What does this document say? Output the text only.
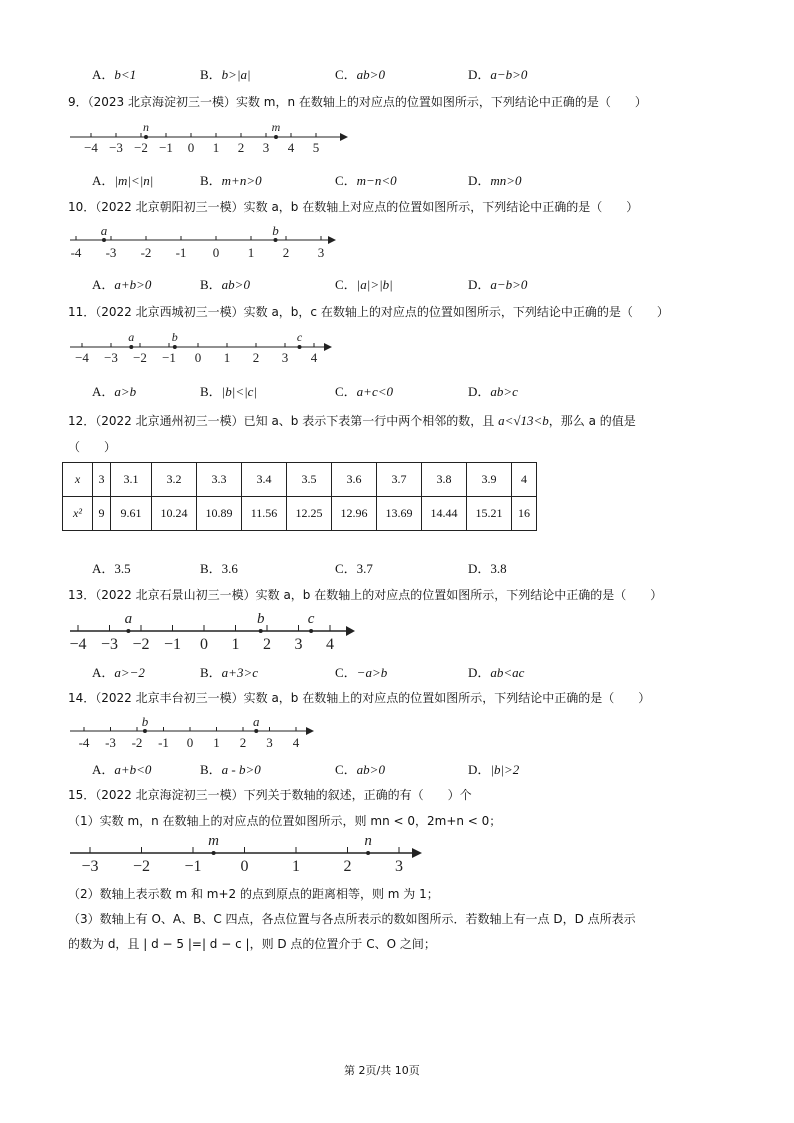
A．b<1	B．b>|a|	C．ab>0	D．a−b>0
9．（2023 北京海淀初三一模）实数 m，n 在数轴上的对应点的位置如图所示，下列结论中正确的是（　　）
−4 −3 −2 −1 0 1 2 3 4 5
n	m
A．|m|<|n|	B．m+n>0	C．m−n<0	D．mn>0
10．（2022 北京朝阳初三一模）实数 a，b 在数轴上对应点的位置如图所示，下列结论中正确的是（　　）
-4 -3 -2 -1 0 1 2 3
a	b
A．a+b>0	B．ab>0	C．|a|>|b|	D．a−b>0
11．（2022 北京西城初三一模）实数 a，b，c 在数轴上的对应点的位置如图所示，下列结论中正确的是（　　）
−4 −3 −2 −1 0 1 2 3 4
a	b	c
A．a>b	B．|b|<|c|	C．a+c<0	D．ab>c
12．（2022 北京通州初三一模）已知 a、b 表示下表第一行中两个相邻的数，且 a<√13<b，那么 a 的值是
（　　）
x	3	3.1	3.2	3.3	3.4	3.5	3.6	3.7	3.8	3.9	4
x²	9	9.61	10.24	10.89	11.56	12.25	12.96	13.69	14.44	15.21	16
A．3.5	B．3.6	C．3.7	D．3.8
13．（2022 北京石景山初三一模）实数 a，b 在数轴上的对应点的位置如图所示，下列结论中正确的是（　　）
−4 −3 −2 −1 0 1 2 3 4
a	b	c
A．a>−2	B．a+3>c	C．−a>b	D．ab<ac
14．（2022 北京丰台初三一模）实数 a，b 在数轴上的对应点的位置如图所示，下列结论中正确的是（　　）
-4 -3 -2 -1 0 1 2 3 4
b	a
A．a+b<0	B．a - b>0	C．ab>0	D．|b|>2
15．（2022 北京海淀初三一模）下列关于数轴的叙述，正确的有（　　）个
（1）实数 m，n 在数轴上的对应点的位置如图所示，则 mn < 0，2m+n < 0；
−3 −2 −1 0	1	2	3
m	n
（2）数轴上表示数 m 和 m+2 的点到原点的距离相等，则 m 为 1；
（3）数轴上有 O、A、B、C 四点，各点位置与各点所表示的数如图所示．若数轴上有一点 D，D 点所表示
的数为 d，且 | d − 5 |=| d − c |，则 D 点的位置介于 C、O 之间；
第 2页/共 10页
